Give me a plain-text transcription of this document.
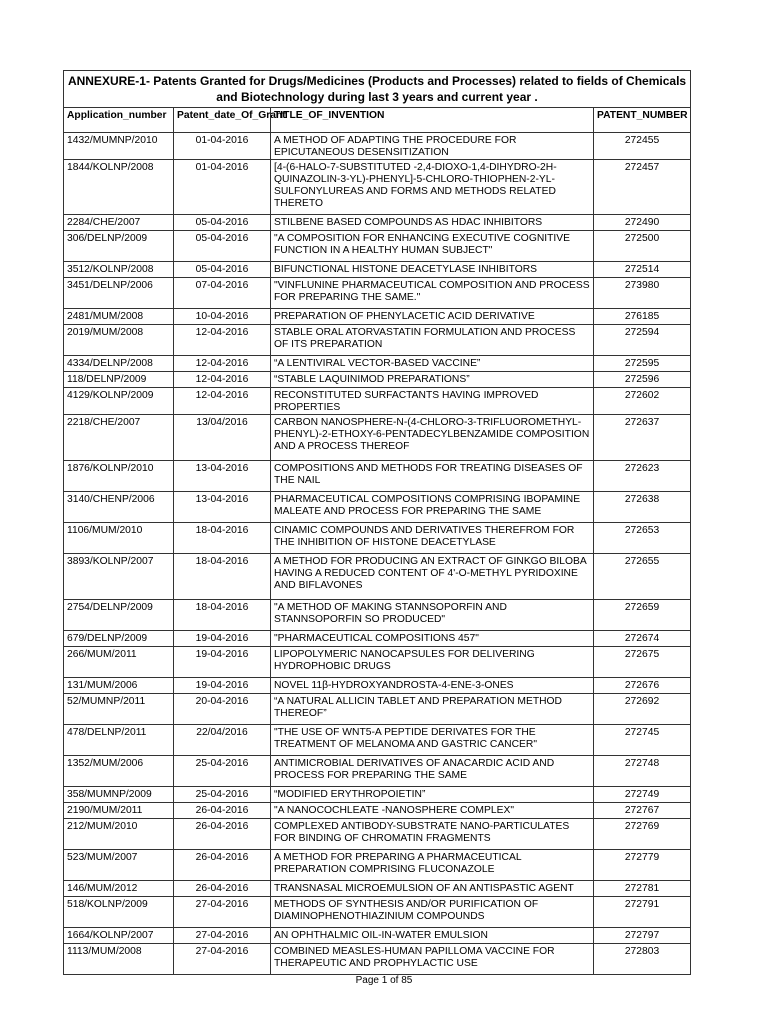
ANNEXURE-1- Patents Granted for Drugs/Medicines (Products and Processes) related to fields of Chemicals and Biotechnology during last 3 years and current year .			
Application_number	Patent_date_Of_Grant	TITLE_OF_INVENTION	PATENT_NUMBER
1432/MUMNP/2010	01-04-2016	A METHOD OF ADAPTING THE PROCEDURE FOR EPICUTANEOUS DESENSITIZATION	272455
1844/KOLNP/2008	01-04-2016	[4-(6-HALO-7-SUBSTITUTED -2,4-DIOXO-1,4-DIHYDRO-2H-QUINAZOLIN-3-YL)-PHENYL]-5-CHLORO-THIOPHEN-2-YL-SULFONYLUREAS AND FORMS AND METHODS RELATED THERETO	272457
2284/CHE/2007	05-04-2016	STILBENE BASED COMPOUNDS AS HDAC INHIBITORS	272490
306/DELNP/2009	05-04-2016	"A COMPOSITION FOR ENHANCING EXECUTIVE COGNITIVE FUNCTION IN A HEALTHY HUMAN SUBJECT"	272500
3512/KOLNP/2008	05-04-2016	BIFUNCTIONAL HISTONE DEACETYLASE INHIBITORS	272514
3451/DELNP/2006	07-04-2016	"VINFLUNINE PHARMACEUTICAL COMPOSITION AND PROCESS FOR PREPARING THE SAME."	273980
2481/MUM/2008	10-04-2016	PREPARATION OF PHENYLACETIC ACID DERIVATIVE	276185
2019/MUM/2008	12-04-2016	STABLE ORAL ATORVASTATIN FORMULATION AND PROCESS OF ITS PREPARATION	272594
4334/DELNP/2008	12-04-2016	“A LENTIVIRAL VECTOR-BASED VACCINE”	272595
118/DELNP/2009	12-04-2016	“STABLE LAQUINIMOD PREPARATIONS”	272596
4129/KOLNP/2009	12-04-2016	RECONSTITUTED SURFACTANTS HAVING IMPROVED PROPERTIES	272602
2218/CHE/2007	13/04/2016	CARBON NANOSPHERE-N-(4-CHLORO-3-TRIFLUOROMETHYL-PHENYL)-2-ETHOXY-6-PENTADECYLBENZAMIDE COMPOSITION AND A PROCESS THEREOF	272637
1876/KOLNP/2010	13-04-2016	COMPOSITIONS AND METHODS FOR TREATING DISEASES OF THE NAIL	272623
3140/CHENP/2006	13-04-2016	PHARMACEUTICAL COMPOSITIONS COMPRISING IBOPAMINE MALEATE AND PROCESS FOR PREPARING THE SAME	272638
1106/MUM/2010	18-04-2016	CINAMIC COMPOUNDS AND DERIVATIVES THEREFROM FOR THE INHIBITION OF HISTONE DEACETYLASE	272653
3893/KOLNP/2007	18-04-2016	A METHOD FOR PRODUCING AN EXTRACT OF GINKGO BILOBA HAVING A REDUCED CONTENT OF 4'-O-METHYL PYRIDOXINE AND BIFLAVONES	272655
2754/DELNP/2009	18-04-2016	"A METHOD OF MAKING STANNSOPORFIN AND STANNSOPORFIN SO PRODUCED"	272659
679/DELNP/2009	19-04-2016	"PHARMACEUTICAL COMPOSITIONS 457"	272674
266/MUM/2011	19-04-2016	LIPOPOLYMERIC NANOCAPSULES FOR DELIVERING HYDROPHOBIC DRUGS	272675
131/MUM/2006	19-04-2016	NOVEL 11β-HYDROXYANDROSTA-4-ENE-3-ONES	272676
52/MUMNP/2011	20-04-2016	“A NATURAL ALLICIN TABLET AND PREPARATION METHOD THEREOF”	272692
478/DELNP/2011	22/04/2016	"THE USE OF WNT5-A PEPTIDE DERIVATES FOR THE TREATMENT OF MELANOMA AND GASTRIC CANCER"	272745
1352/MUM/2006	25-04-2016	ANTIMICROBIAL DERIVATIVES OF ANACARDIC ACID AND PROCESS FOR PREPARING THE SAME	272748
358/MUMNP/2009	25-04-2016	“MODIFIED ERYTHROPOIETIN”	272749
2190/MUM/2011	26-04-2016	"A NANOCOCHLEATE -NANOSPHERE COMPLEX"	272767
212/MUM/2010	26-04-2016	COMPLEXED ANTIBODY-SUBSTRATE NANO-PARTICULATES FOR BINDING OF CHROMATIN FRAGMENTS	272769
523/MUM/2007	26-04-2016	A METHOD FOR PREPARING A PHARMACEUTICAL PREPARATION COMPRISING FLUCONAZOLE	272779
146/MUM/2012	26-04-2016	TRANSNASAL MICROEMULSION OF AN ANTISPASTIC AGENT	272781
518/KOLNP/2009	27-04-2016	METHODS OF SYNTHESIS AND/OR PURIFICATION OF DIAMINOPHENOTHIAZINIUM COMPOUNDS	272791
1664/KOLNP/2007	27-04-2016	AN OPHTHALMIC OIL-IN-WATER EMULSION	272797
1113/MUM/2008	27-04-2016	COMBINED MEASLES-HUMAN PAPILLOMA VACCINE FOR THERAPEUTIC AND PROPHYLACTIC USE	272803
Page 1 of 85
